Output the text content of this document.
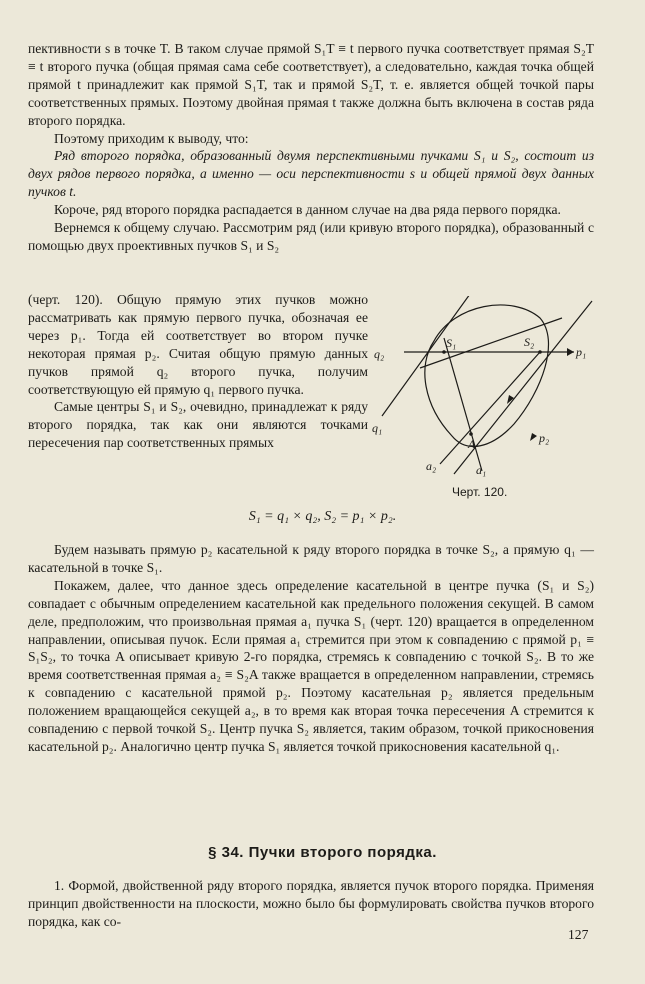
пективности s в точке T. В таком случае прямой S₁T ≡ t первого пучка соответствует прямая S₂T ≡ t второго пучка (общая прямая сама себе соответствует), а следовательно, каждая точка общей прямой t принадлежит как прямой S₁T, так и прямой S₂T, т. е. является общей точкой пары соответственных прямых. Поэтому двойная прямая t также должна быть включена в состав ряда второго порядка.

Поэтому приходим к выводу, что:

Ряд второго порядка, образованный двумя перспективными пучками S₁ и S₂, состоит из двух рядов первого порядка, а именно — оси перспективности s и общей прямой двух данных пучков t.

Короче, ряд второго порядка распадается в данном случае на два ряда первого порядка.

Вернемся к общему случаю. Рассмотрим ряд (или кривую второго порядка), образованный с помощью двух проективных пучков S₁ и S₂

(черт. 120). Общую прямую этих пучков можно рассматривать как прямую первого пучка, обозначая ее через p₁. Тогда ей соответствует во втором пучке некоторая прямая p₂. Считая общую прямую данных пучков прямой q₂ второго пучка, получим соответствующую ей прямую q₁ первого пучка.

Самые центры S₁ и S₂, очевидно, принадлежат к ряду второго порядка, так как они являются точками пересечения пар соответственных прямых

S₁	S₂
p₁
p₂
q₁
q₂
A
a₁
a₂
Черт. 120.
S₁ = q₁ × q₂, S₂ = p₁ × p₂.

Будем называть прямую p₂ касательной к ряду второго порядка в точке S₂, а прямую q₁ — касательной в точке S₁.

Покажем, далее, что данное здесь определение касательной в центре пучка (S₁ и S₂) совпадает с обычным определением касательной как предельного положения секущей. В самом деле, предположим, что произвольная прямая a₁ пучка S₁ (черт. 120) вращается в определенном направлении, описывая пучок. Если прямая a₁ стремится при этом к совпадению с прямой p₁ ≡ S₁S₂, то точка A описывает кривую 2-го порядка, стремясь к совпадению с точкой S₂. В то же время соответственная прямая a₂ ≡ S₂A также вращается в определенном направлении, стремясь к совпадению с касательной прямой p₂. Поэтому касательная p₂ является предельным положением вращающейся секущей a₂, в то время как вторая точка пересечения A стремится к совпадению с первой точкой S₂. Центр пучка S₂ является, таким образом, точкой прикосновения касательной p₂. Аналогично центр пучка S₁ является точкой прикосновения касательной q₁.

§ 34. Пучки второго порядка.

1. Формой, двойственной ряду второго порядка, является пучок второго порядка. Применяя принцип двойственности на плоскости, можно было бы формулировать свойства пучков второго порядка, как со-

127
